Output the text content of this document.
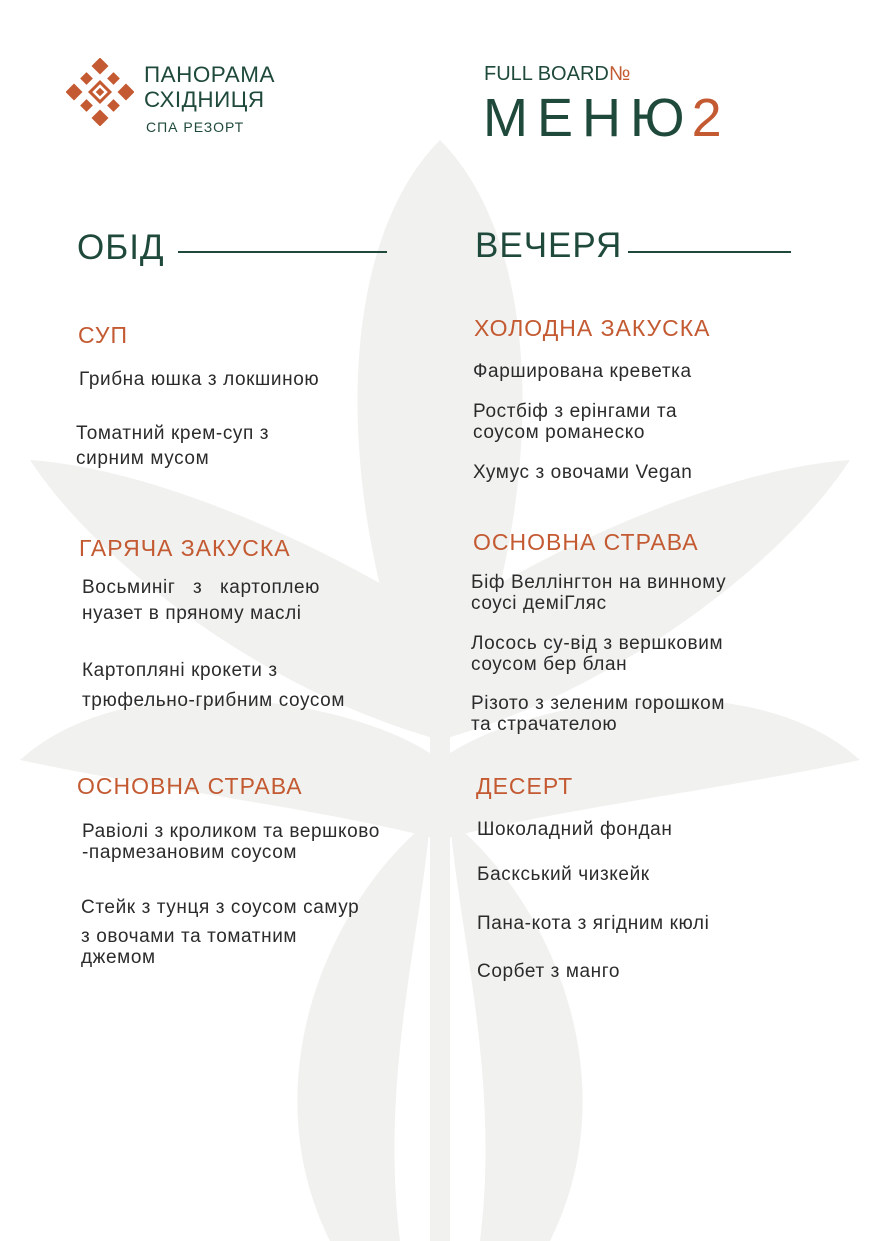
ПАНОРАМА
СХІДНИЦЯ
СПА РЕЗОРТ
FULL BOARD№
МЕНЮ2
ОБІД	ВЕЧЕРЯ
СУП
Грибна юшка з локшиною
Томатний крем-суп з
сирним мусом
ГАРЯЧА ЗАКУСКА
Восьминіг   з   картоплею
нуазет в пряному маслі
Картопляні крокети з
трюфельно-грибним соусом
ОСНОВНА СТРАВА
Равіолі з кроликом та вершково
-пармезановим соусом
Стейк з тунця з соусом самур
з овочами та томатним
джемом
ХОЛОДНА ЗАКУСКА
Фарширована креветка
Ростбіф з ерінгами та
соусом романеско
Хумус з овочами Vegan
ОСНОВНА СТРАВА
Біф Веллінгтон на винному
соусі деміГляс
Лосось су-від з вершковим
соусом бер блан
Різото з зеленим горошком
та страчателою
ДЕСЕРТ
Шоколадний фондан
Баскський чизкейк
Пана-кота з ягідним кюлі
Сорбет з манго
